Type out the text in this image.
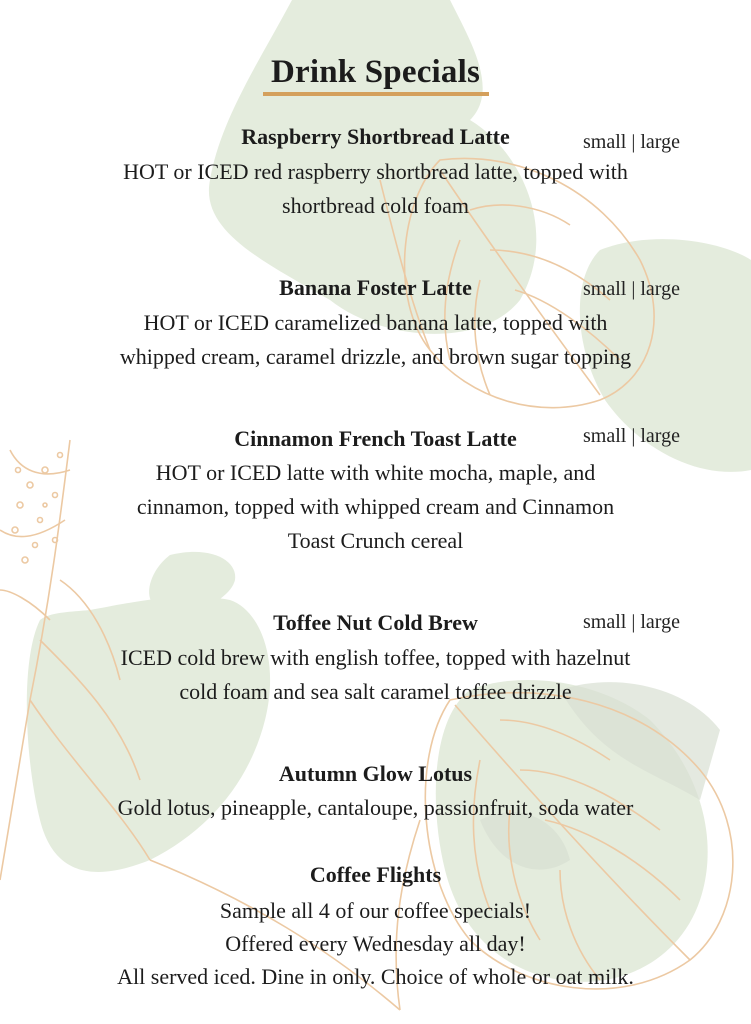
Drink Specials
Raspberry Shortbread Latte	small | large
HOT or ICED red raspberry shortbread latte, topped with
shortbread cold foam
Banana Foster Latte	small | large
HOT or ICED caramelized banana latte, topped with
whipped cream, caramel drizzle, and brown sugar topping
Cinnamon French Toast Latte	small | large
HOT or ICED latte with white mocha, maple, and
cinnamon, topped with whipped cream and Cinnamon
Toast Crunch cereal
Toffee Nut Cold Brew	small | large
ICED cold brew with english toffee, topped with hazelnut
cold foam and sea salt caramel toffee drizzle
Autumn Glow Lotus
Gold lotus, pineapple, cantaloupe, passionfruit, soda water
Coffee Flights
Sample all 4 of our coffee specials!
Offered every Wednesday all day!
All served iced. Dine in only. Choice of whole or oat milk.
